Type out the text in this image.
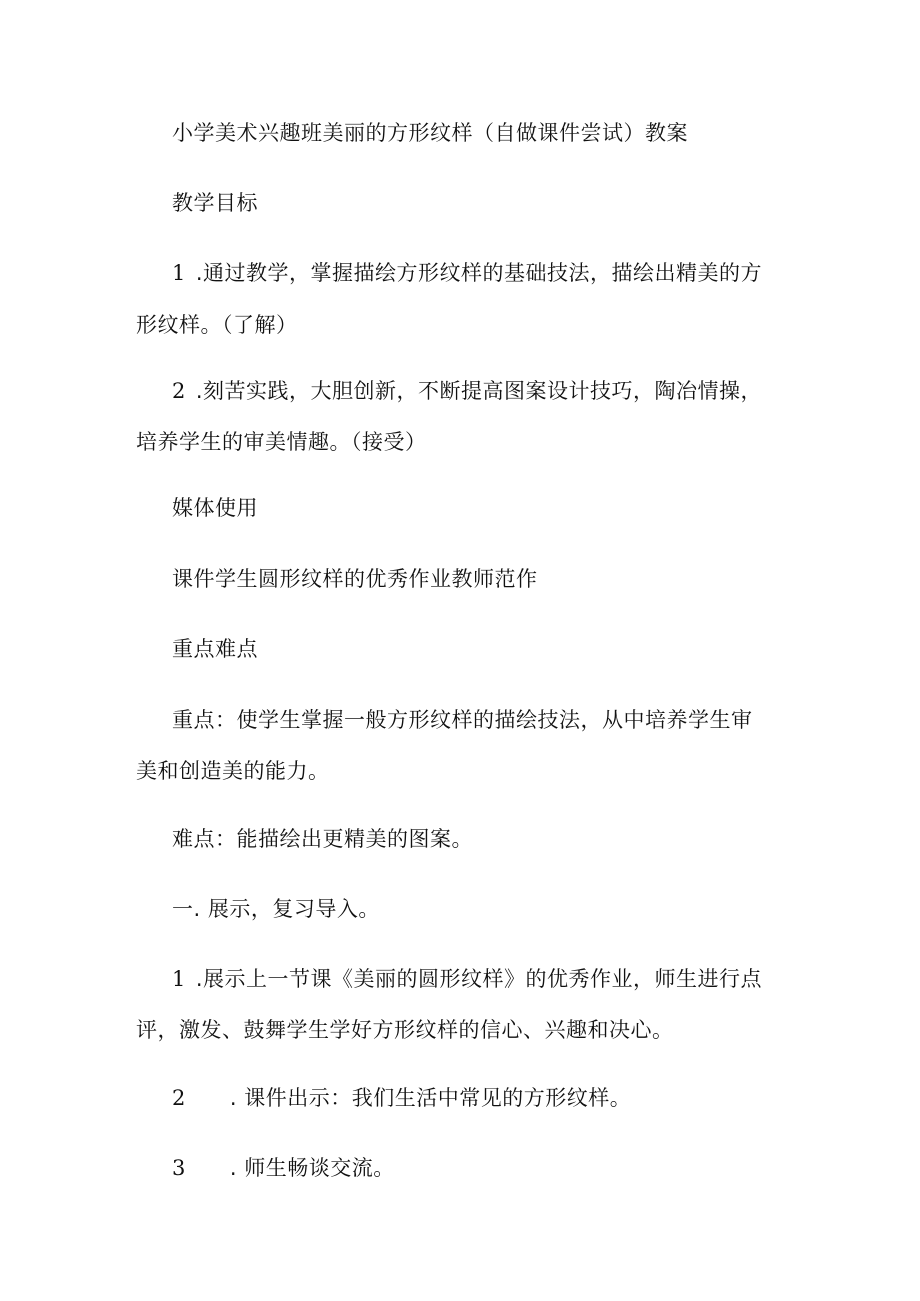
小学美术兴趣班美丽的方形纹样（自做课件尝试）教案
教学目标
1 .通过教学，掌握描绘方形纹样的基础技法，描绘出精美的方
形纹样。（了解）
2 .刻苦实践，大胆创新，不断提高图案设计技巧，陶冶情操，
培养学生的审美情趣。（接受）
媒体使用
课件学生圆形纹样的优秀作业教师范作
重点难点
重点：使学生掌握一般方形纹样的描绘技法，从中培养学生审
美和创造美的能力。
难点：能描绘出更精美的图案。
一. 展示，复习导入。
1 .展示上一节课《美丽的圆形纹样》的优秀作业，师生进行点
评，激发、鼓舞学生学好方形纹样的信心、兴趣和决心。
2 . 课件出示：我们生活中常见的方形纹样。
3 . 师生畅谈交流。
